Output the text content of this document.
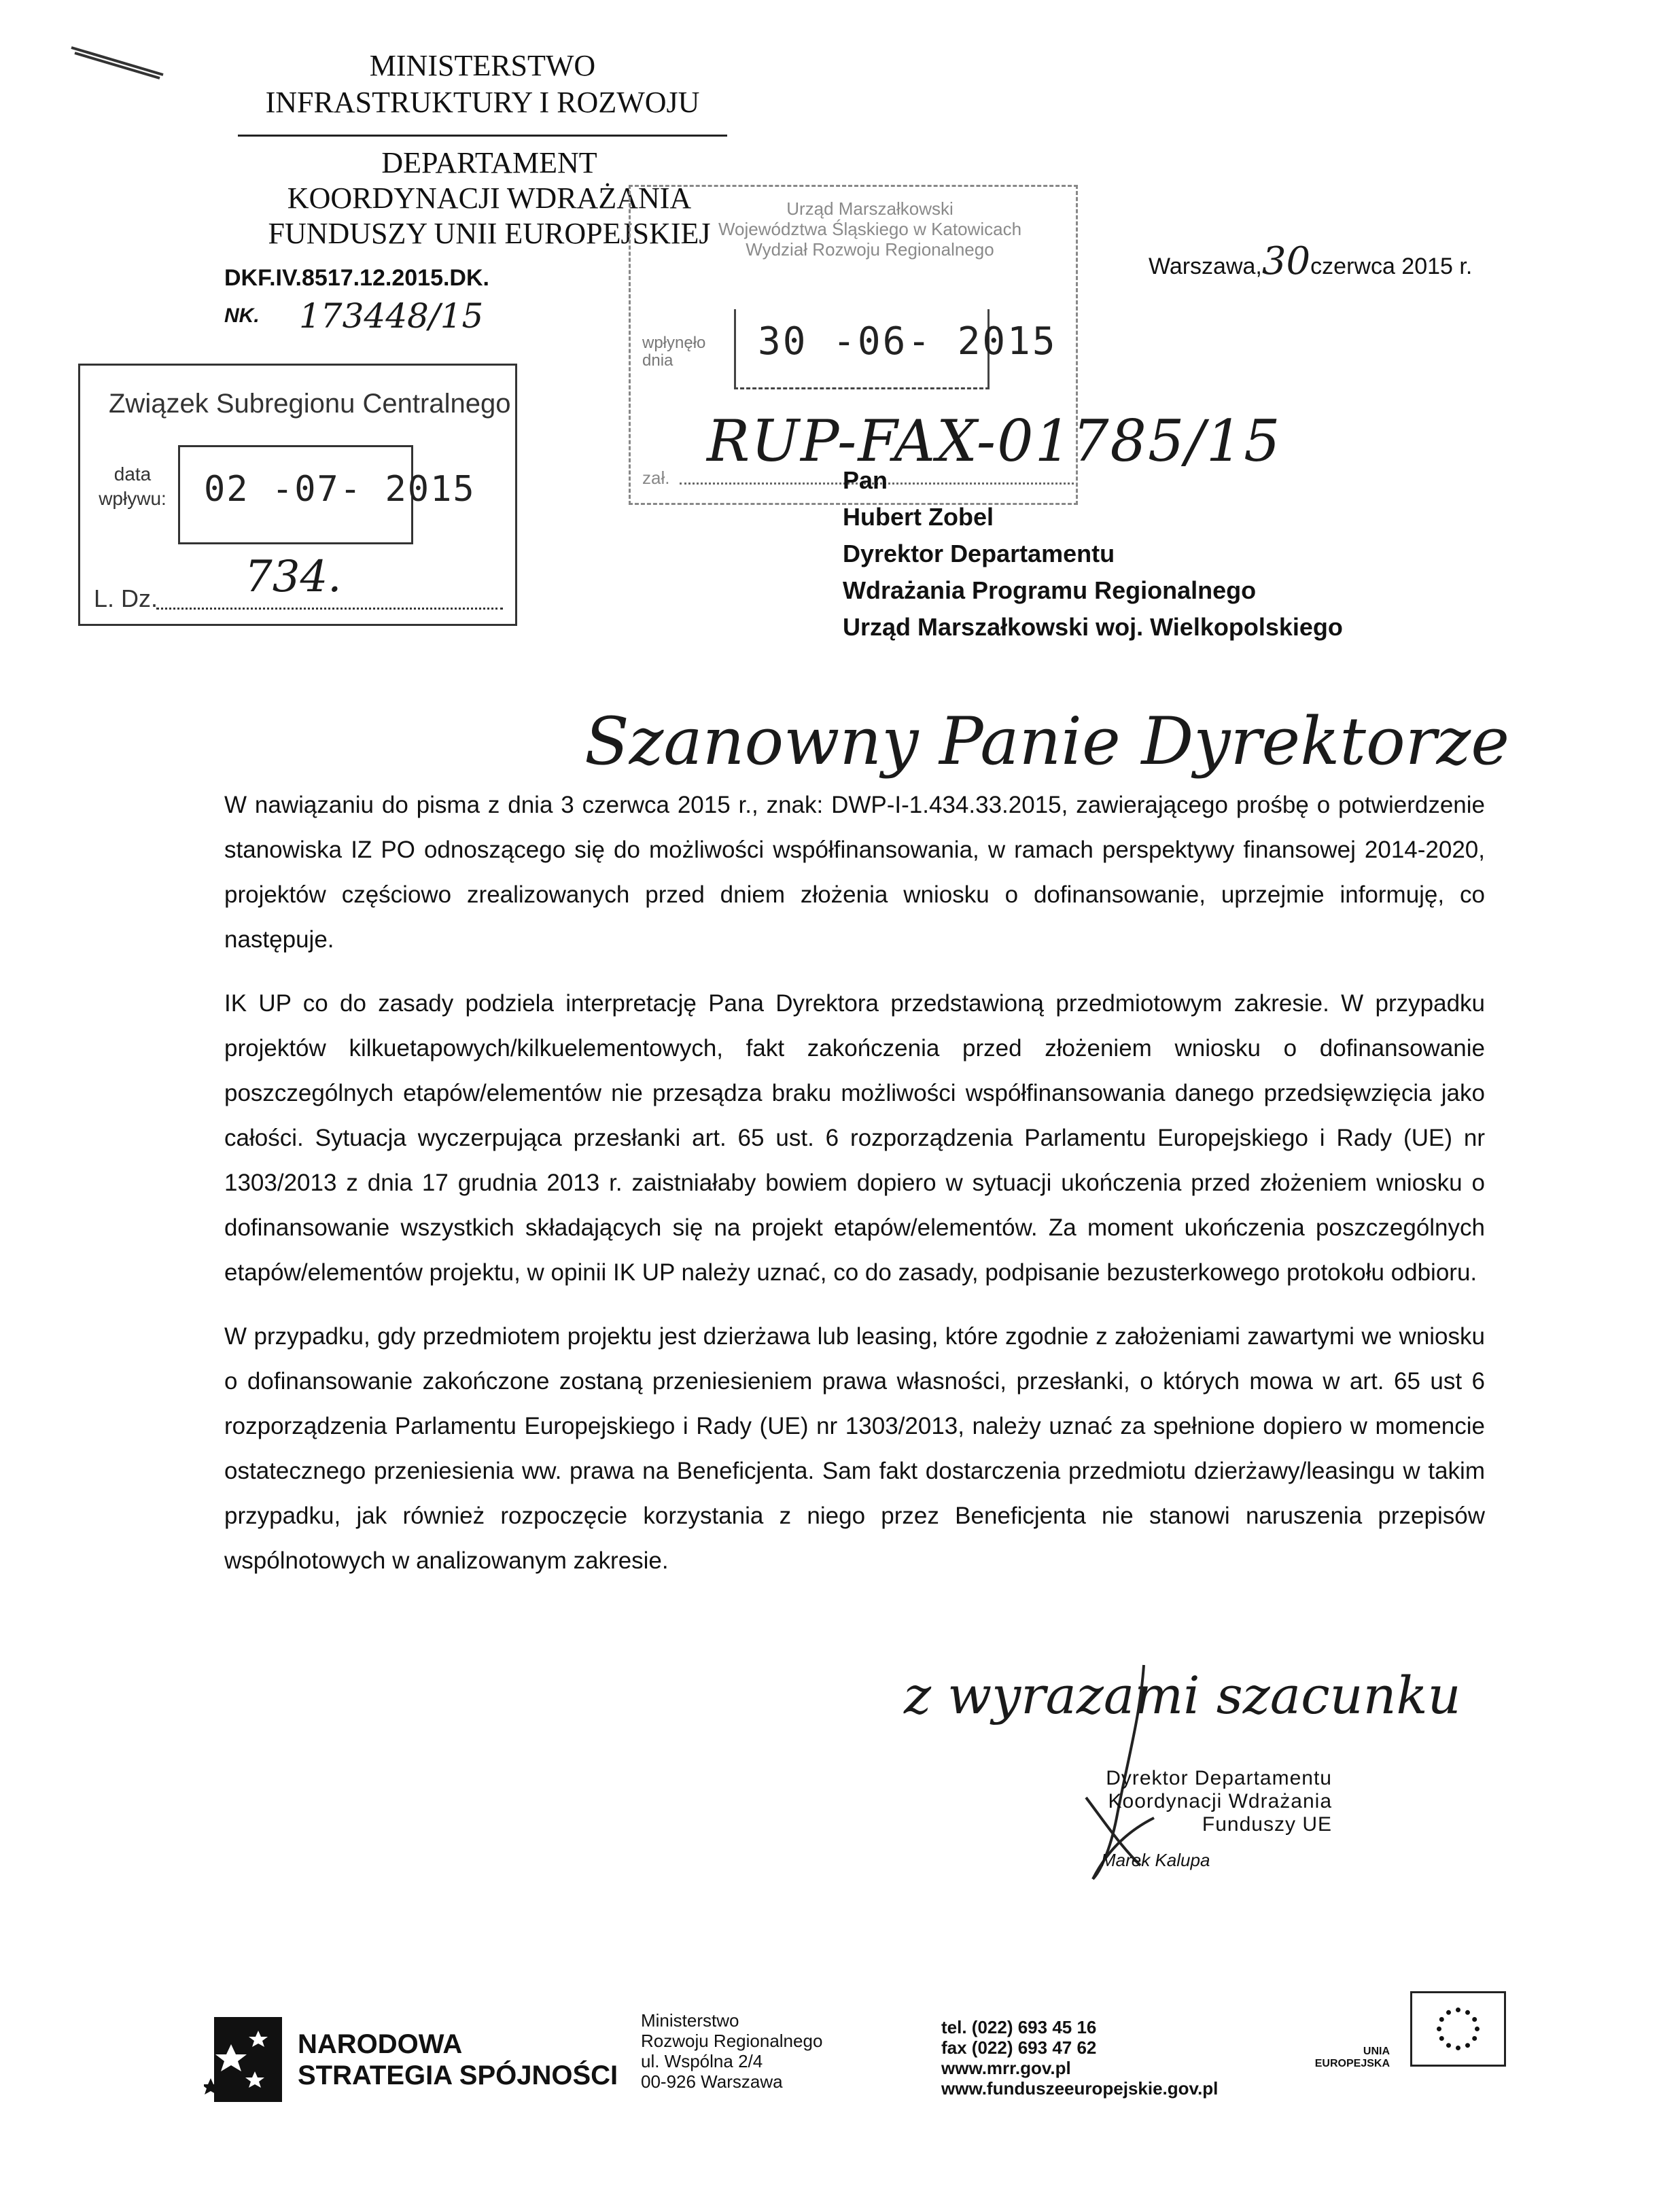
MINISTERSTWO
INFRASTRUKTURY I ROZWOJU
DEPARTAMENT
KOORDYNACJI WDRAŻANIA
FUNDUSZY UNII EUROPEJSKIEJ
DKF.IV.8517.12.2015.DK.
NK. 173448/15
Warszawa,30czerwca 2015 r.
Związek Subregionu Centralnego
data
wpływu:	02 -07- 2015
L. Dz. 734.
Urząd Marszałkowski
Województwa Śląskiego w Katowicach
Wydział Rozwoju Regionalnego
wpłynęło
dnia	30 -06- 2015
zał.
RUP-FAX-01785/15
Pan
Hubert Zobel
Dyrektor Departamentu
Wdrażania Programu Regionalnego
Urząd Marszałkowski woj. Wielkopolskiego
Szanowny Panie Dyrektorze

W nawiązaniu do pisma z dnia 3 czerwca 2015 r., znak: DWP-I-1.434.33.2015, zawierającego prośbę o potwierdzenie stanowiska IZ PO odnoszącego się do możliwości współfinansowania, w ramach perspektywy finansowej 2014-2020, projektów częściowo zrealizowanych przed dniem złożenia wniosku o dofinansowanie, uprzejmie informuję, co następuje.

IK UP co do zasady podziela interpretację Pana Dyrektora przedstawioną przedmiotowym zakresie. W przypadku projektów kilkuetapowych/kilkuelementowych, fakt zakończenia przed złożeniem wniosku o dofinansowanie poszczególnych etapów/elementów nie przesądza braku możliwości współfinansowania danego przedsięwzięcia jako całości. Sytuacja wyczerpująca przesłanki art. 65 ust. 6 rozporządzenia Parlamentu Europejskiego i Rady (UE) nr 1303/2013 z dnia 17 grudnia 2013 r. zaistniałaby bowiem dopiero w sytuacji ukończenia przed złożeniem wniosku o dofinansowanie wszystkich składających się na projekt etapów/elementów. Za moment ukończenia poszczególnych etapów/elementów projektu, w opinii IK UP należy uznać, co do zasady, podpisanie bezusterkowego protokołu odbioru.

W przypadku, gdy przedmiotem projektu jest dzierżawa lub leasing, które zgodnie z założeniami zawartymi we wniosku o dofinansowanie zakończone zostaną przeniesieniem prawa własności, przesłanki, o których mowa w art. 65 ust 6 rozporządzenia Parlamentu Europejskiego i Rady (UE) nr 1303/2013, należy uznać za spełnione dopiero w momencie ostatecznego przeniesienia ww. prawa na Beneficjenta. Sam fakt dostarczenia przedmiotu dzierżawy/leasingu w takim przypadku, jak również rozpoczęcie korzystania z niego przez Beneficjenta nie stanowi naruszenia przepisów wspólnotowych w analizowanym zakresie.

z wyrazami szacunku
Dyrektor Departamentu
Koordynacji Wdrażania
Funduszy UE
Marek Kalupa
NARODOWA
STRATEGIA SPÓJNOŚCI
Ministerstwo
Rozwoju Regionalnego
ul. Wspólna 2/4
00-926 Warszawa
tel. (022) 693 45 16
fax (022) 693 47 62
www.mrr.gov.pl
www.funduszeeuropejskie.gov.pl
UNIA
EUROPEJSKA
